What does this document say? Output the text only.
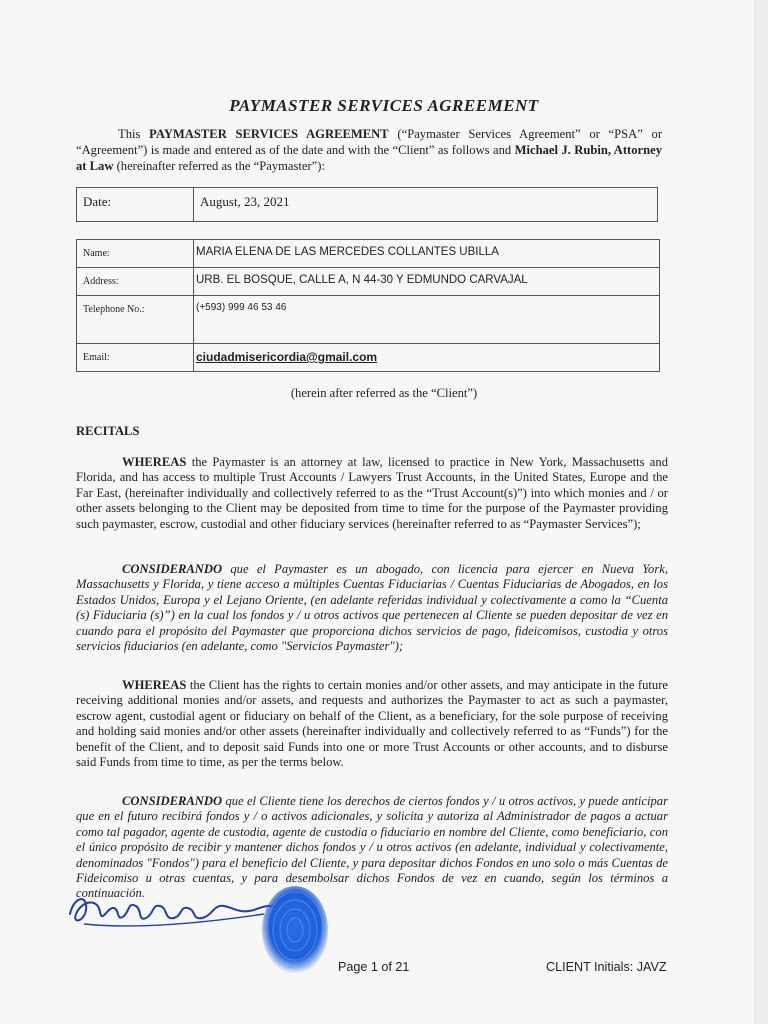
PAYMASTER SERVICES AGREEMENT
This PAYMASTER SERVICES AGREEMENT (“Paymaster Services Agreement” or “PSA” or “Agreement”) is made and entered as of the date and with the “Client” as follows and Michael J. Rubin, Attorney at Law (hereinafter referred as the “Paymaster”):
Date:	August, 23, 2021
Name:	MARIA ELENA DE LAS MERCEDES COLLANTES UBILLA
Address:	URB. EL BOSQUE, CALLE A, N 44-30 Y EDMUNDO CARVAJAL
Telephone No.:	(+593) 999 46 53 46
Email:	ciudadmisericordia@gmail.com
(herein after referred as the “Client”)
RECITALS
WHEREAS the Paymaster is an attorney at law, licensed to practice in New York, Massachusetts and Florida, and has access to multiple Trust Accounts / Lawyers Trust Accounts, in the United States, Europe and the Far East, (hereinafter individually and collectively referred to as the “Trust Account(s)”) into which monies and / or other assets belonging to the Client may be deposited from time to time for the purpose of the Paymaster providing such paymaster, escrow, custodial and other fiduciary services (hereinafter referred to as “Paymaster Services”);
CONSIDERANDO que el Paymaster es un abogado, con licencia para ejercer en Nueva York, Massachusetts y Florida, y tiene acceso a múltiples Cuentas Fiduciarias / Cuentas Fiduciarias de Abogados, en los Estados Unidos, Europa y el Lejano Oriente, (en adelante referidas individual y colectivamente a como la “Cuenta (s) Fiduciaria (s)”) en la cual los fondos y / u otros activos que pertenecen al Cliente se pueden depositar de vez en cuando para el propósito del Paymaster que proporciona dichos servicios de pago, fideicomisos, custodia y otros servicios fiduciarios (en adelante, como "Servicios Paymaster");
WHEREAS the Client has the rights to certain monies and/or other assets, and may anticipate in the future receiving additional monies and/or assets, and requests and authorizes the Paymaster to act as such a paymaster, escrow agent, custodial agent or fiduciary on behalf of the Client, as a beneficiary, for the sole purpose of receiving and holding said monies and/or other assets (hereinafter individually and collectively referred to as “Funds”) for the benefit of the Client, and to deposit said Funds into one or more Trust Accounts or other accounts, and to disburse said Funds from time to time, as per the terms below.
CONSIDERANDO que el Cliente tiene los derechos de ciertos fondos y / u otros activos, y puede anticipar que en el futuro recibirá fondos y / o activos adicionales, y solicita y autoriza al Administrador de pagos a actuar como tal pagador, agente de custodia, agente de custodia o fiduciario en nombre del Cliente, como beneficiario, con el único propósito de recibir y mantener dichos fondos y / u otros activos (en adelante, individual y colectivamente, denominados "Fondos") para el beneficio del Cliente, y para depositar dichos Fondos en uno solo o más Cuentas de Fideicomiso u otras cuentas, y para desembolsar dichos Fondos de vez en cuando, según los términos a continuación.
Page 1 of 21	CLIENT Initials: JAVZ
